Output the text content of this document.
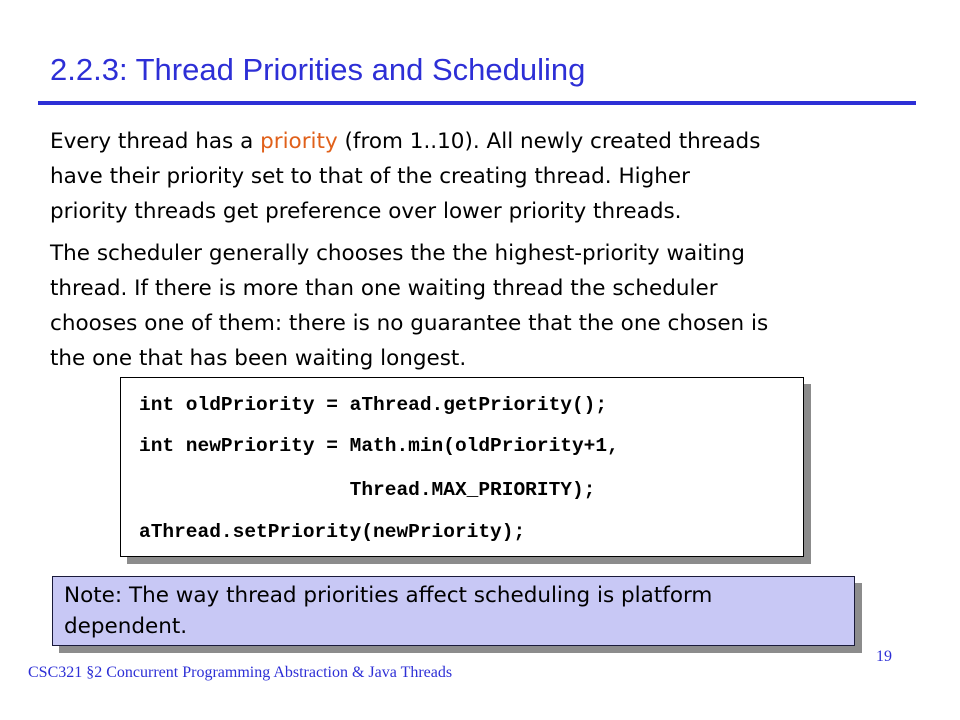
2.2.3: Thread Priorities and Scheduling
Every thread has a priority (from 1..10). All newly created threads
have their priority set to that of the creating thread. Higher
priority threads get preference over lower priority threads.
The scheduler generally chooses the the highest-priority waiting
thread. If there is more than one waiting thread the scheduler
chooses one of them: there is no guarantee that the one chosen is
the one that has been waiting longest.
int oldPriority = aThread.getPriority();
int newPriority = Math.min(oldPriority+1,
Thread.MAX_PRIORITY);
aThread.setPriority(newPriority);
Note: The way thread priorities affect scheduling is platform
dependent.
CSC321 §2 Concurrent Programming Abstraction & Java Threads
19
